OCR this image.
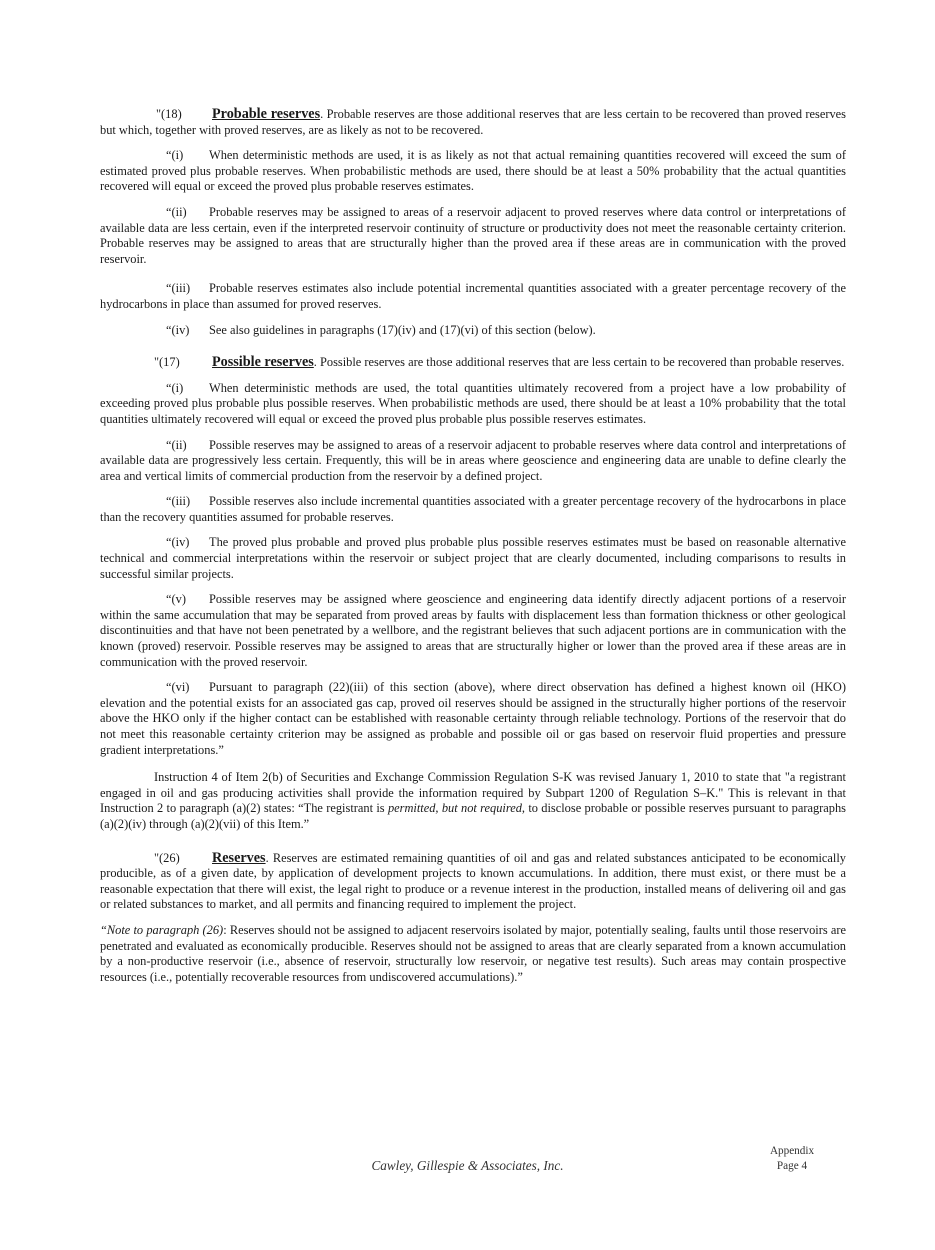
"(18) Probable reserves. Probable reserves are those additional reserves that are less certain to be recovered than proved reserves but which, together with proved reserves, are as likely as not to be recovered.

“(i) When deterministic methods are used, it is as likely as not that actual remaining quantities recovered will exceed the sum of estimated proved plus probable reserves. When probabilistic methods are used, there should be at least a 50% probability that the actual quantities recovered will equal or exceed the proved plus probable reserves estimates.

“(ii) Probable reserves may be assigned to areas of a reservoir adjacent to proved reserves where data control or interpretations of available data are less certain, even if the interpreted reservoir continuity of structure or productivity does not meet the reasonable certainty criterion. Probable reserves may be assigned to areas that are structurally higher than the proved area if these areas are in communication with the proved reservoir.

“(iii) Probable reserves estimates also include potential incremental quantities associated with a greater percentage recovery of the hydrocarbons in place than assumed for proved reserves.

“(iv) See also guidelines in paragraphs (17)(iv) and (17)(vi) of this section (below).

"(17) Possible reserves. Possible reserves are those additional reserves that are less certain to be recovered than probable reserves.

“(i) When deterministic methods are used, the total quantities ultimately recovered from a project have a low probability of exceeding proved plus probable plus possible reserves. When probabilistic methods are used, there should be at least a 10% probability that the total quantities ultimately recovered will equal or exceed the proved plus probable plus possible reserves estimates.

“(ii) Possible reserves may be assigned to areas of a reservoir adjacent to probable reserves where data control and interpretations of available data are progressively less certain. Frequently, this will be in areas where geoscience and engineering data are unable to define clearly the area and vertical limits of commercial production from the reservoir by a defined project.

“(iii) Possible reserves also include incremental quantities associated with a greater percentage recovery of the hydrocarbons in place than the recovery quantities assumed for probable reserves.

“(iv) The proved plus probable and proved plus probable plus possible reserves estimates must be based on reasonable alternative technical and commercial interpretations within the reservoir or subject project that are clearly documented, including comparisons to results in successful similar projects.

“(v) Possible reserves may be assigned where geoscience and engineering data identify directly adjacent portions of a reservoir within the same accumulation that may be separated from proved areas by faults with displacement less than formation thickness or other geological discontinuities and that have not been penetrated by a wellbore, and the registrant believes that such adjacent portions are in communication with the known (proved) reservoir. Possible reserves may be assigned to areas that are structurally higher or lower than the proved area if these areas are in communication with the proved reservoir.

“(vi) Pursuant to paragraph (22)(iii) of this section (above), where direct observation has defined a highest known oil (HKO) elevation and the potential exists for an associated gas cap, proved oil reserves should be assigned in the structurally higher portions of the reservoir above the HKO only if the higher contact can be established with reasonable certainty through reliable technology. Portions of the reservoir that do not meet this reasonable certainty criterion may be assigned as probable and possible oil or gas based on reservoir fluid properties and pressure gradient interpretations.”

Instruction 4 of Item 2(b) of Securities and Exchange Commission Regulation S-K was revised January 1, 2010 to state that "a registrant engaged in oil and gas producing activities shall provide the information required by Subpart 1200 of Regulation S–K." This is relevant in that Instruction 2 to paragraph (a)(2) states: “The registrant is permitted, but not required, to disclose probable or possible reserves pursuant to paragraphs (a)(2)(iv) through (a)(2)(vii) of this Item.”

"(26) Reserves. Reserves are estimated remaining quantities of oil and gas and related substances anticipated to be economically producible, as of a given date, by application of development projects to known accumulations. In addition, there must exist, or there must be a reasonable expectation that there will exist, the legal right to produce or a revenue interest in the production, installed means of delivering oil and gas or related substances to market, and all permits and financing required to implement the project.

“Note to paragraph (26): Reserves should not be assigned to adjacent reservoirs isolated by major, potentially sealing, faults until those reservoirs are penetrated and evaluated as economically producible. Reserves should not be assigned to areas that are clearly separated from a known accumulation by a non-productive reservoir (i.e., absence of reservoir, structurally low reservoir, or negative test results). Such areas may contain prospective resources (i.e., potentially recoverable resources from undiscovered accumulations).”

Cawley, Gillespie & Associates, Inc.
Appendix
Page 4
